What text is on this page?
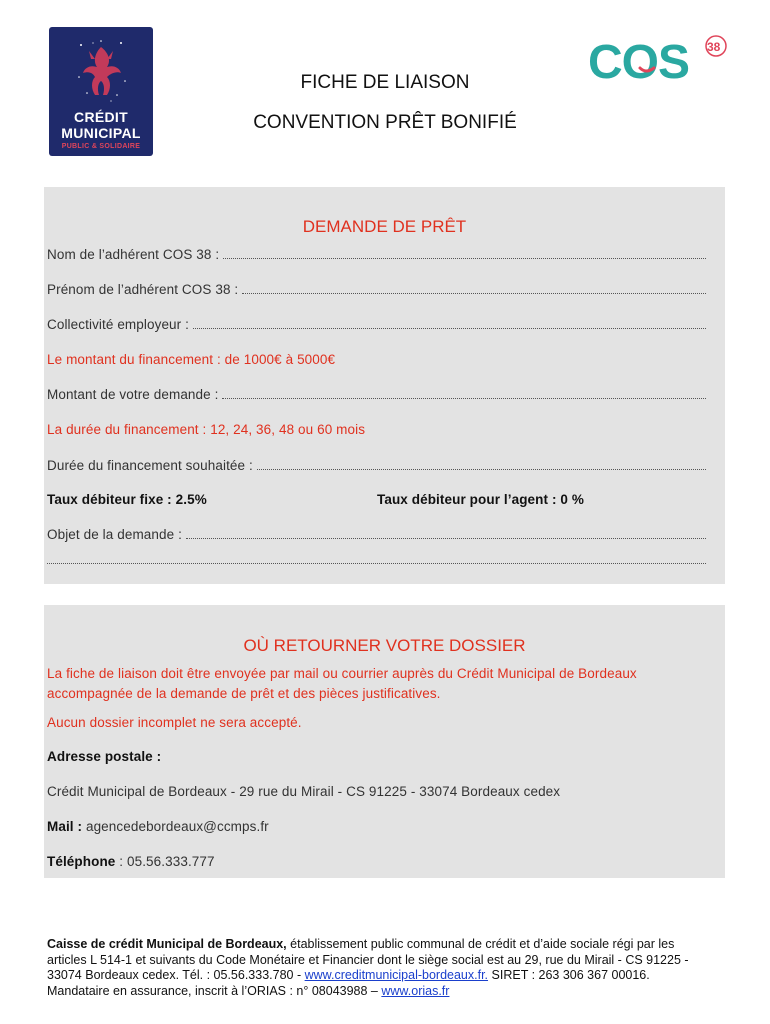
CRÉDIT
MUNICIPAL
PUBLIC & SOLIDAIRE
COS 38
FICHE DE LIAISON
CONVENTION PRÊT BONIFIÉ
DEMANDE DE PRÊT
Nom de l’adhérent COS 38 :
Prénom de l’adhérent COS 38 :
Collectivité employeur :
Le montant du financement : de 1000€ à 5000€
Montant de votre demande :
La durée du financement : 12, 24, 36, 48 ou 60 mois
Durée du financement souhaitée :
Taux débiteur fixe : 2.5%	Taux débiteur pour l’agent : 0 %
Objet de la demande :
OÙ RETOURNER VOTRE DOSSIER
La fiche de liaison doit être envoyée par mail ou courrier auprès du Crédit Municipal de Bordeaux
accompagnée de la demande de prêt et des pièces justificatives.
Aucun dossier incomplet ne sera accepté.
Adresse postale :
Crédit Municipal de Bordeaux - 29 rue du Mirail - CS 91225 - 33074 Bordeaux cedex
Mail : agencedebordeaux@ccmps.fr
Téléphone : 05.56.333.777
Caisse de crédit Municipal de Bordeaux, établissement public communal de crédit et d’aide sociale régi par les
articles L 514-1 et suivants du Code Monétaire et Financier dont le siège social est au 29, rue du Mirail - CS 91225 -
33074 Bordeaux cedex. Tél. : 05.56.333.780 - www.creditmunicipal-bordeaux.fr. SIRET : 263 306 367 00016.
Mandataire en assurance, inscrit à l’ORIAS : n° 08043988 – www.orias.fr
